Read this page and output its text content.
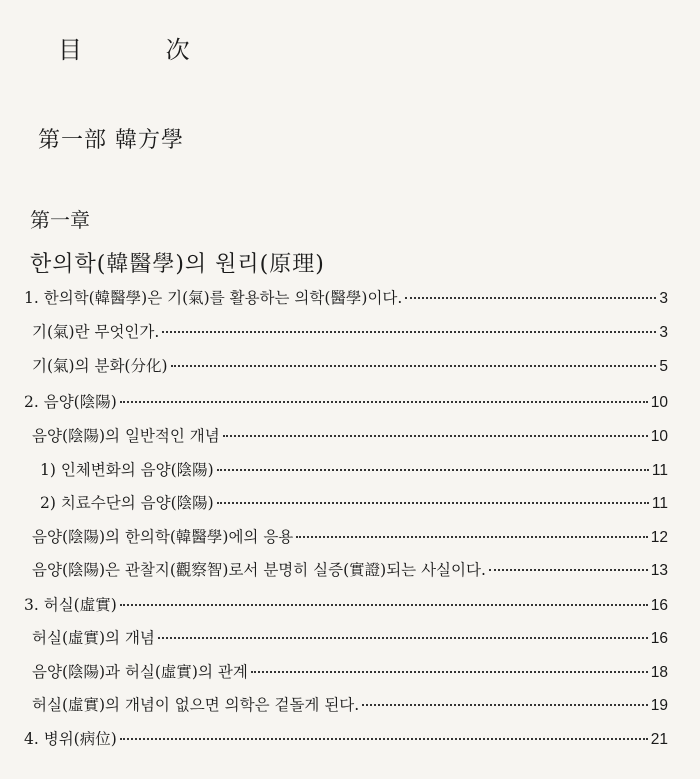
目 次
第一部 韓方學
第一章
한의학(韓醫學)의 원리(原理)
1. 한의학(韓醫學)은 기(氣)를 활용하는 의학(醫學)이다.	3
기(氣)란 무엇인가.	3
기(氣)의 분화(分化)	5
2. 음양(陰陽)	10
음양(陰陽)의 일반적인 개념	10
1) 인체변화의 음양(陰陽)	11
2) 치료수단의 음양(陰陽)	11
음양(陰陽)의 한의학(韓醫學)에의 응용	12
음양(陰陽)은 관찰지(觀察智)로서 분명히 실증(實證)되는 사실이다.	13
3. 허실(虛實)	16
허실(虛實)의 개념	16
음양(陰陽)과 허실(虛實)의 관계	18
허실(虛實)의 개념이 없으면 의학은 겉돌게 된다.	19
4. 병위(病位)	21
